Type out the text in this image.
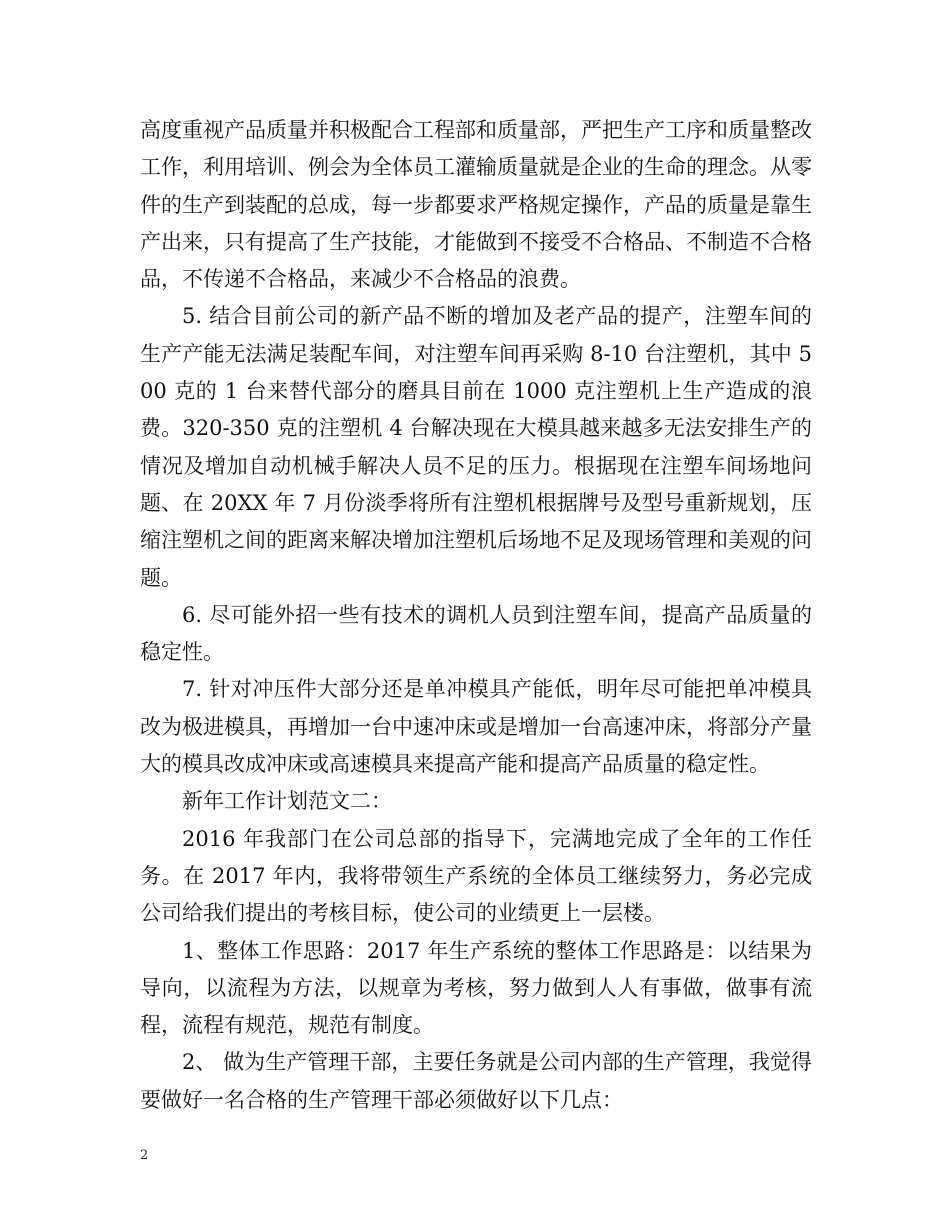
高度重视产品质量并积极配合工程部和质量部，严把生产工序和质量整改工作，利用培训、例会为全体员工灌输质量就是企业的生命的理念。从零件的生产到装配的总成，每一步都要求严格规定操作，产品的质量是靠生产出来，只有提高了生产技能，才能做到不接受不合格品、不制造不合格品，不传递不合格品，来减少不合格品的浪费。

5. 结合目前公司的新产品不断的增加及老产品的提产，注塑车间的生产产能无法满足装配车间，对注塑车间再采购 8-10 台注塑机，其中 500 克的 1 台来替代部分的磨具目前在 1000 克注塑机上生产造成的浪费。320-350 克的注塑机 4 台解决现在大模具越来越多无法安排生产的情况及增加自动机械手解决人员不足的压力。根据现在注塑车间场地问题、在 20XX 年 7 月份淡季将所有注塑机根据牌号及型号重新规划，压缩注塑机之间的距离来解决增加注塑机后场地不足及现场管理和美观的问题。

6. 尽可能外招一些有技术的调机人员到注塑车间，提高产品质量的稳定性。

7. 针对冲压件大部分还是单冲模具产能低，明年尽可能把单冲模具改为极进模具，再增加一台中速冲床或是增加一台高速冲床，将部分产量大的模具改成冲床或高速模具来提高产能和提高产品质量的稳定性。

新年工作计划范文二：

2016 年我部门在公司总部的指导下，完满地完成了全年的工作任务。在 2017 年内，我将带领生产系统的全体员工继续努力，务必完成公司给我们提出的考核目标，使公司的业绩更上一层楼。

1、整体工作思路：2017 年生产系统的整体工作思路是：以结果为导向，以流程为方法，以规章为考核，努力做到人人有事做，做事有流程，流程有规范，规范有制度。

2、 做为生产管理干部，主要任务就是公司内部的生产管理，我觉得要做好一名合格的生产管理干部必须做好以下几点：

2
